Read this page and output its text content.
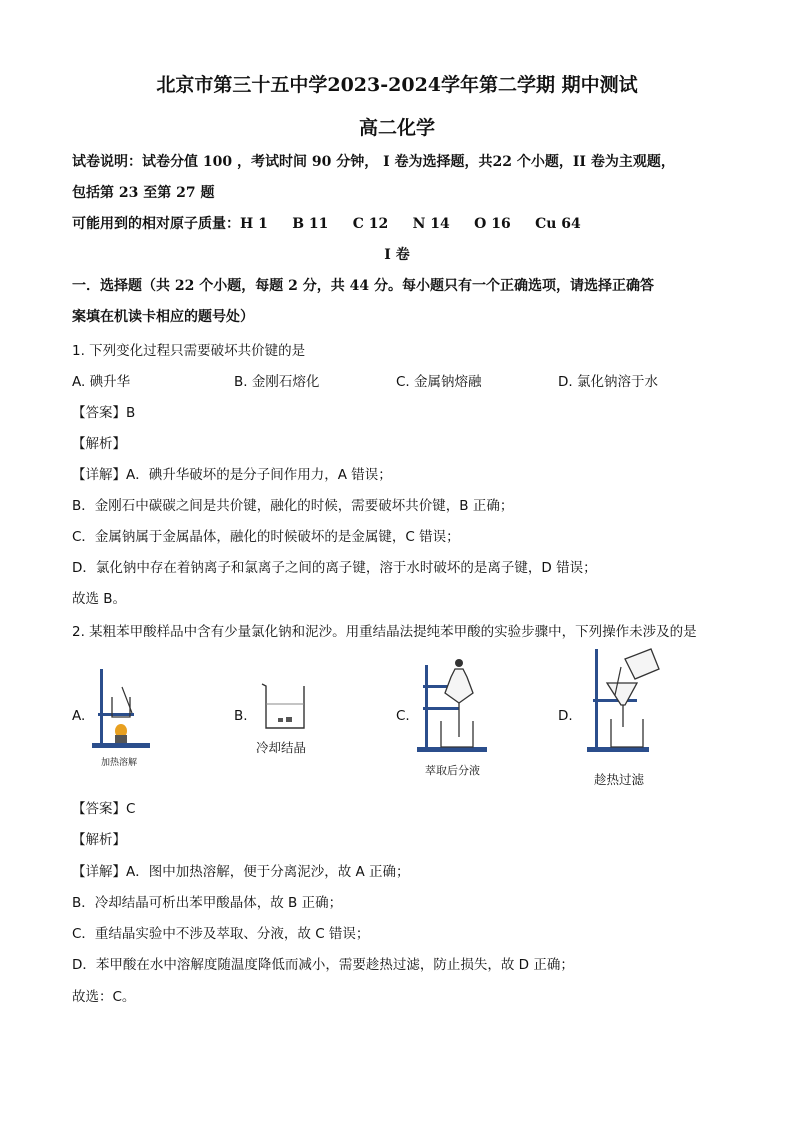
北京市第三十五中学2023-2024学年第二学期 期中测试
高二化学
试卷说明：试卷分值 100 ，考试时间 90 分钟， I 卷为选择题，共22 个小题，II 卷为主观题，
包括第 23 至第 27 题
可能用到的相对原子质量：H 1     B 11     C 12     N 14     O 16     Cu 64
I 卷
一．选择题（共 22 个小题，每题 2 分，共 44 分。每小题只有一个正确选项，请选择正确答
案填在机读卡相应的题号处）
1. 下列变化过程只需要破坏共价键的是
A. 碘升华	B. 金刚石熔化	C. 金属钠熔融	D. 氯化钠溶于水
【答案】B
【解析】
【详解】A．碘升华破坏的是分子间作用力，A 错误；
B．金刚石中碳碳之间是共价键，融化的时候，需要破坏共价键，B 正确；
C．金属钠属于金属晶体，融化的时候破坏的是金属键，C 错误；
D．氯化钠中存在着钠离子和氯离子之间的离子键，溶于水时破坏的是离子键，D 错误；
故选 B。
2. 某粗苯甲酸样品中含有少量氯化钠和泥沙。用重结晶法提纯苯甲酸的实验步骤中，下列操作未涉及的是
A.	B.	C.	D.
加热溶解
冷却结晶
萃取后分液
趁热过滤
【答案】C
【解析】
【详解】A．图中加热溶解，便于分离泥沙，故 A 正确；
B．冷却结晶可析出苯甲酸晶体，故 B 正确；
C．重结晶实验中不涉及萃取、分液，故 C 错误；
D．苯甲酸在水中溶解度随温度降低而减小，需要趁热过滤，防止损失，故 D 正确；
故选：C。
